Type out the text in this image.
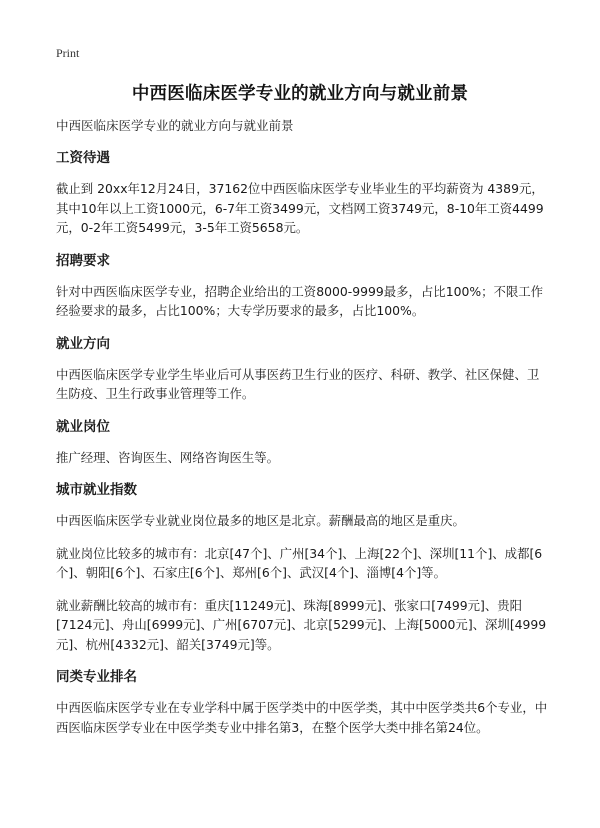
Print
中西医临床医学专业的就业方向与就业前景
中西医临床医学专业的就业方向与就业前景
工资待遇

截止到 20xx年12月24日，37162位中西医临床医学专业毕业生的平均薪资为 4389元，其中10年以上工资1000元，6-7年工资3499元，文档网工资3749元，8-10年工资4499元，0-2年工资5499元，3-5年工资5658元。

招聘要求

针对中西医临床医学专业，招聘企业给出的工资8000-9999最多，占比100%；不限工作经验要求的最多，占比100%；大专学历要求的最多，占比100%。

就业方向

中西医临床医学专业学生毕业后可从事医药卫生行业的医疗、科研、教学、社区保健、卫生防疫、卫生行政事业管理等工作。

就业岗位

推广经理、咨询医生、网络咨询医生等。

城市就业指数

中西医临床医学专业就业岗位最多的地区是北京。薪酬最高的地区是重庆。

就业岗位比较多的城市有：北京[47个]、广州[34个]、上海[22个]、深圳[11个]、成都[6个]、朝阳[6个]、石家庄[6个]、郑州[6个]、武汉[4个]、淄博[4个]等。

就业薪酬比较高的城市有：重庆[11249元]、珠海[8999元]、张家口[7499元]、贵阳[7124元]、舟山[6999元]、广州[6707元]、北京[5299元]、上海[5000元]、深圳[4999元]、杭州[4332元]、韶关[3749元]等。

同类专业排名

中西医临床医学专业在专业学科中属于医学类中的中医学类，其中中医学类共6个专业，中西医临床医学专业在中医学类专业中排名第3，在整个医学大类中排名第24位。
